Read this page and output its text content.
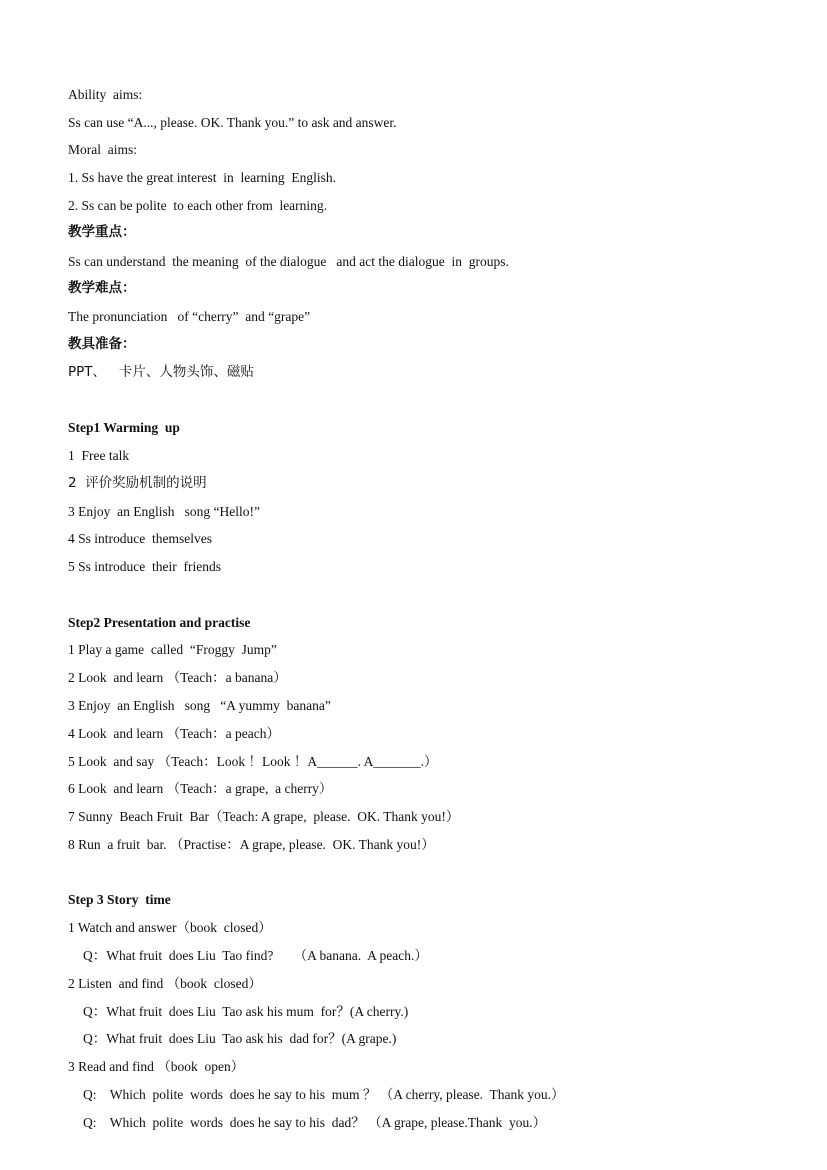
Ability  aims:
Ss can use “A..., please. OK. Thank you.” to ask and answer.
Moral  aims:
1. Ss have the great interest  in  learning  English.
2. Ss can be polite  to each other from  learning.
教学重点：
Ss can understand  the meaning  of the dialogue   and act the dialogue  in  groups.
教学难点：
The pronunciation   of “cherry”  and “grape”
教具准备：
PPT、   卡片、人物头饰、磁贴
Step1 Warming  up
1  Free talk
2  评价奖励机制的说明
3 Enjoy  an English   song “Hello!”
4 Ss introduce  themselves
5 Ss introduce  their  friends
Step2 Presentation and practise
1 Play a game  called  “Froggy  Jump”
2 Look  and learn （Teach：a banana）
3 Enjoy  an English   song   “A yummy  banana”
4 Look  and learn （Teach：a peach）
5 Look  and say （Teach：Look ！Look ！A______. A_______.）
6 Look  and learn （Teach：a grape,  a cherry）
7 Sunny  Beach Fruit  Bar（Teach: A grape,  please.  OK. Thank you!）
8 Run  a fruit  bar. （Practise：A grape, please.  OK. Thank you!）
Step 3 Story  time
1 Watch and answer（book  closed）
Q：What fruit  does Liu  Tao find?      （A banana.  A peach.）
2 Listen  and find （book  closed）
Q：What fruit  does Liu  Tao ask his mum  for？(A cherry.)
Q：What fruit  does Liu  Tao ask his  dad for？(A grape.)
3 Read and find （book  open）
Q:    Which  polite  words  does he say to his  mum ？ （A cherry, please.  Thank you.）
Q:    Which  polite  words  does he say to his  dad？ （A grape, please.Thank  you.）
